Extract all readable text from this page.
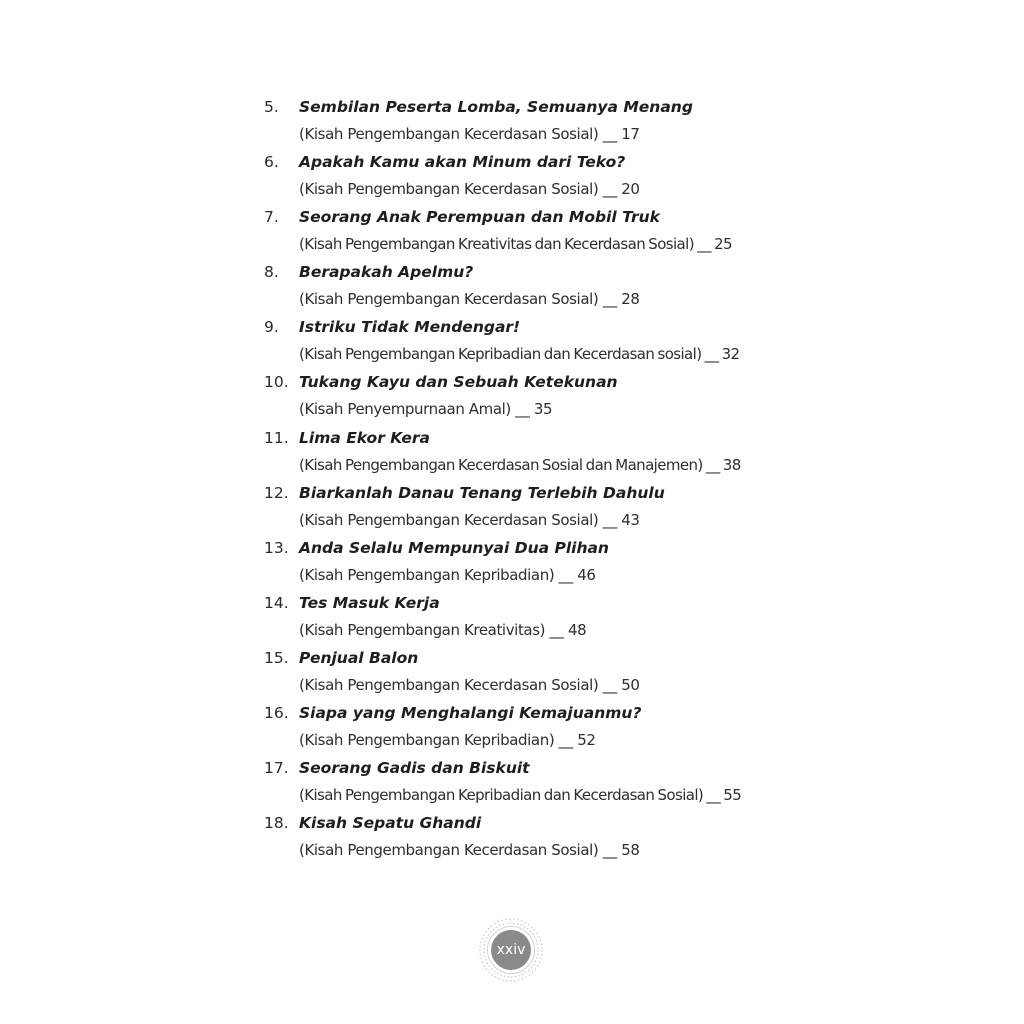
5. Sembilan Peserta Lomba, Semuanya Menang
(Kisah Pengembangan Kecerdasan Sosial) __ 17
6. Apakah Kamu akan Minum dari Teko?
(Kisah Pengembangan Kecerdasan Sosial) __ 20
7. Seorang Anak Perempuan dan Mobil Truk
(Kisah Pengembangan Kreativitas dan Kecerdasan Sosial) __ 25
8. Berapakah Apelmu?
(Kisah Pengembangan Kecerdasan Sosial) __ 28
9. Istriku Tidak Mendengar!
(Kisah Pengembangan Kepribadian dan Kecerdasan sosial) __ 32
10. Tukang Kayu dan Sebuah Ketekunan
(Kisah Penyempurnaan Amal) __ 35
11. Lima Ekor Kera
(Kisah Pengembangan Kecerdasan Sosial dan Manajemen) __ 38
12. Biarkanlah Danau Tenang Terlebih Dahulu
(Kisah Pengembangan Kecerdasan Sosial) __ 43
13. Anda Selalu Mempunyai Dua Plihan
(Kisah Pengembangan Kepribadian) __ 46
14. Tes Masuk Kerja
(Kisah Pengembangan Kreativitas) __ 48
15. Penjual Balon
(Kisah Pengembangan Kecerdasan Sosial) __ 50
16. Siapa yang Menghalangi Kemajuanmu?
(Kisah Pengembangan Kepribadian) __ 52
17. Seorang Gadis dan Biskuit
(Kisah Pengembangan Kepribadian dan Kecerdasan Sosial) __ 55
18. Kisah Sepatu Ghandi
(Kisah Pengembangan Kecerdasan Sosial) __ 58
xxiv
